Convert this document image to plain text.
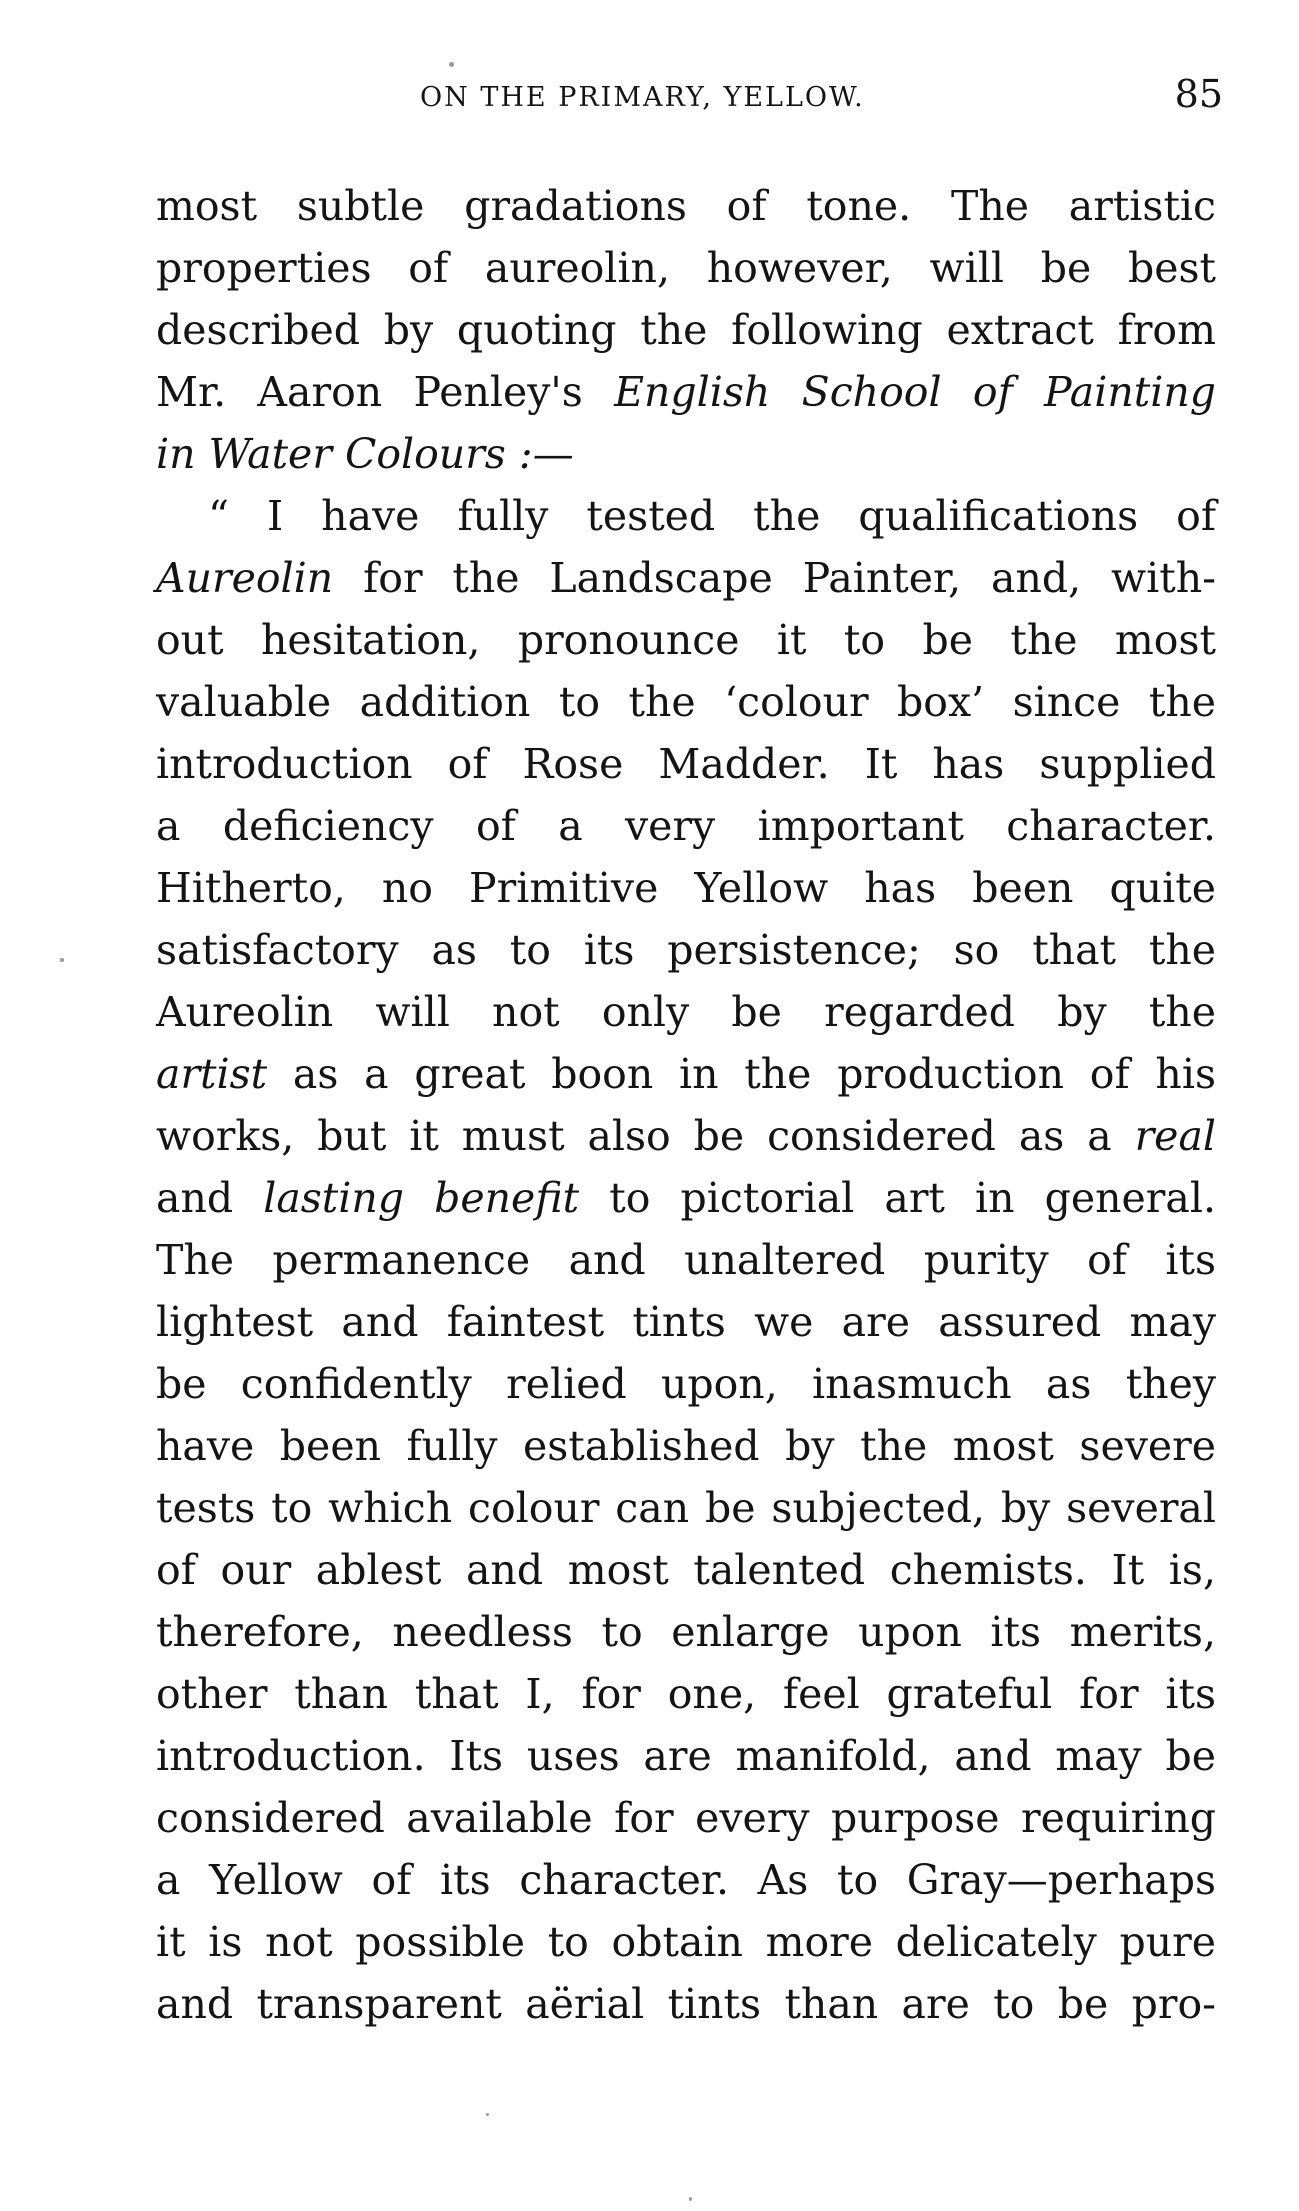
ON THE PRIMARY, YELLOW.	85
most subtle gradations of tone. The artistic
properties of aureolin, however, will be best
described by quoting the following extract from
Mr. Aaron Penley's English School of Painting
in Water Colours :—
“ I have fully tested the qualifications of
Aureolin for the Landscape Painter, and, with-
out hesitation, pronounce it to be the most
valuable addition to the ‘colour box’ since the
introduction of Rose Madder. It has supplied
a deficiency of a very important character.
Hitherto, no Primitive Yellow has been quite
satisfactory as to its persistence; so that the
Aureolin will not only be regarded by the
artist as a great boon in the production of his
works, but it must also be considered as a real
and lasting benefit to pictorial art in general.
The permanence and unaltered purity of its
lightest and faintest tints we are assured may
be confidently relied upon, inasmuch as they
have been fully established by the most severe
tests to which colour can be subjected, by several
of our ablest and most talented chemists. It is,
therefore, needless to enlarge upon its merits,
other than that I, for one, feel grateful for its
introduction. Its uses are manifold, and may be
considered available for every purpose requiring
a Yellow of its character. As to Gray—perhaps
it is not possible to obtain more delicately pure
and transparent aërial tints than are to be pro-
